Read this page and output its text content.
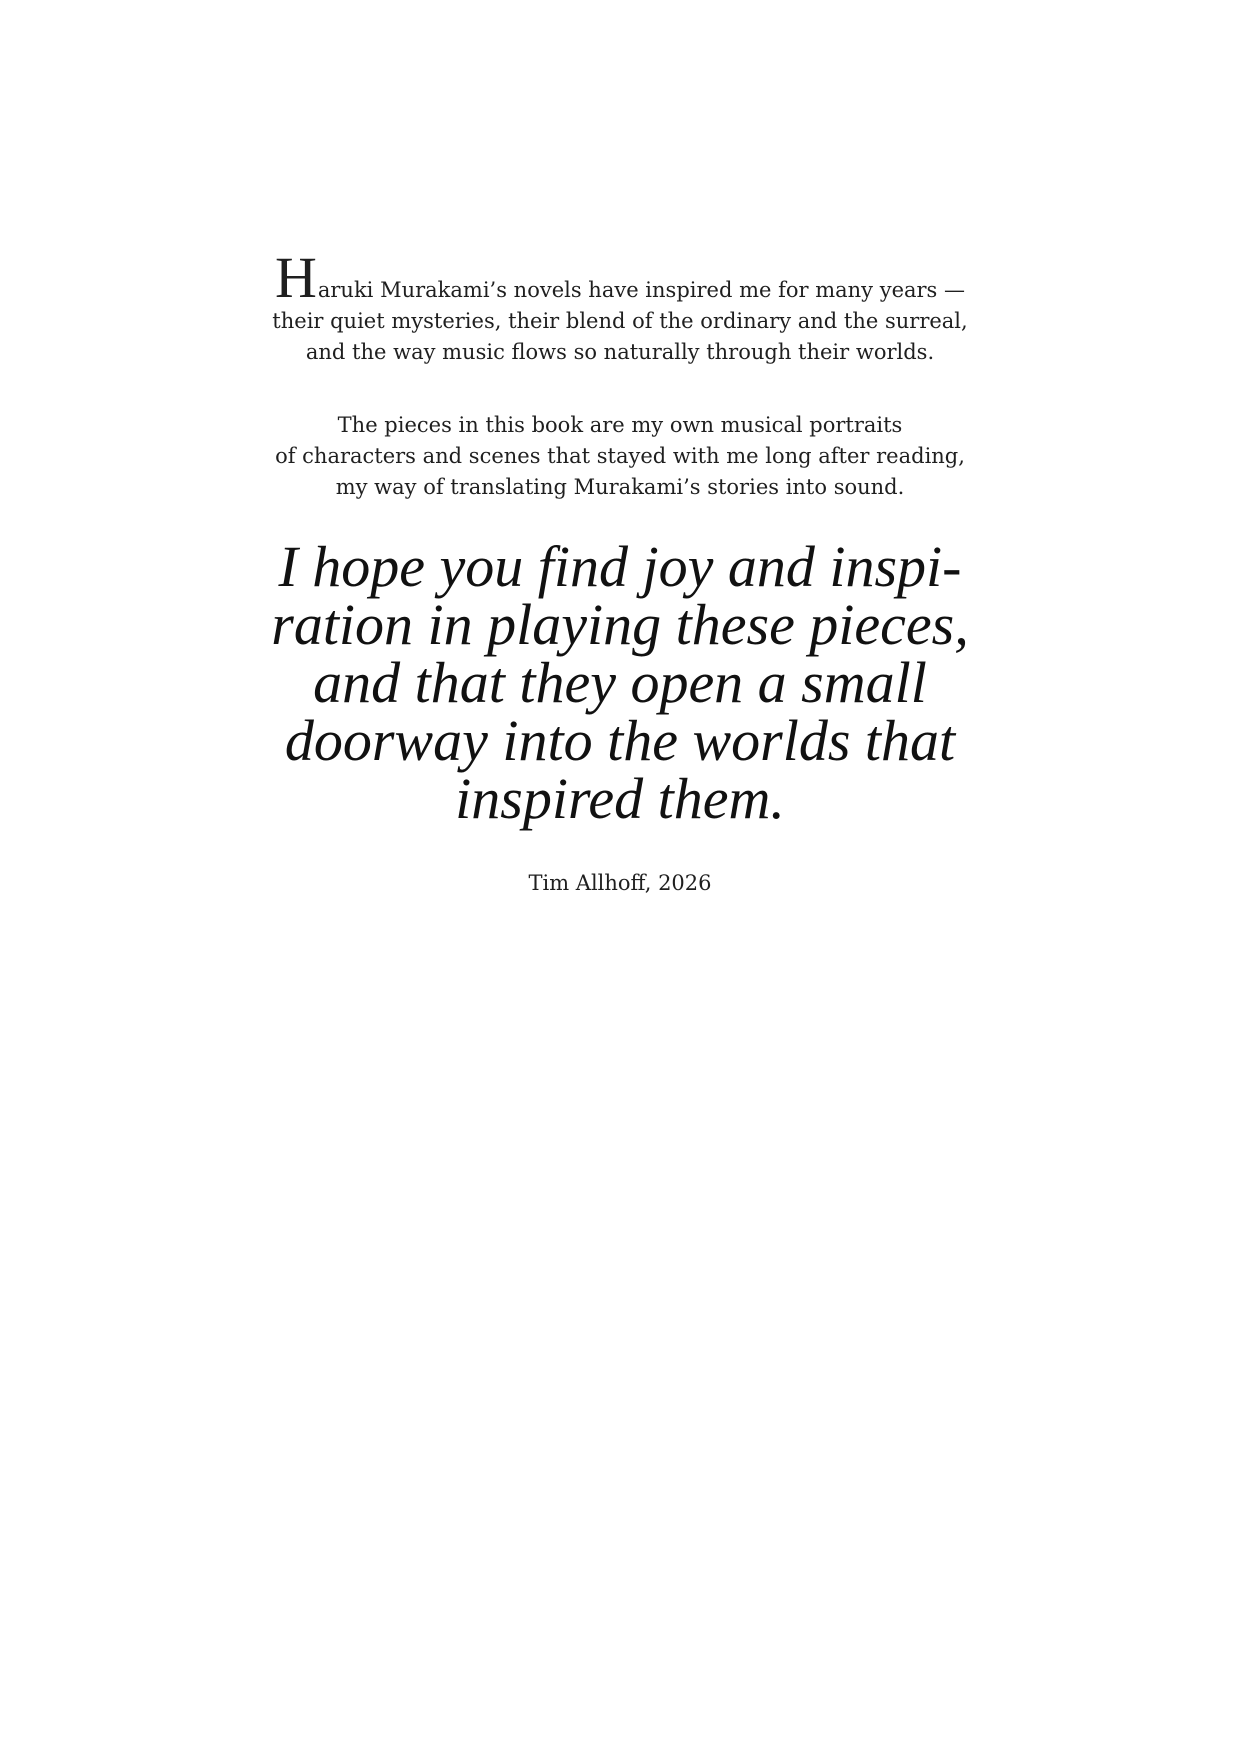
Haruki Murakami’s novels have inspired me for many years —
their quiet mysteries, their blend of the ordinary and the surreal,
and the way music flows so naturally through their worlds.
The pieces in this book are my own musical portraits
of characters and scenes that stayed with me long after reading,
my way of translating Murakami’s stories into sound.
I hope you find joy and inspi-
ration in playing these pieces,
and that they open a small
doorway into the worlds that
inspired them.
Tim Allhoff, 2026
